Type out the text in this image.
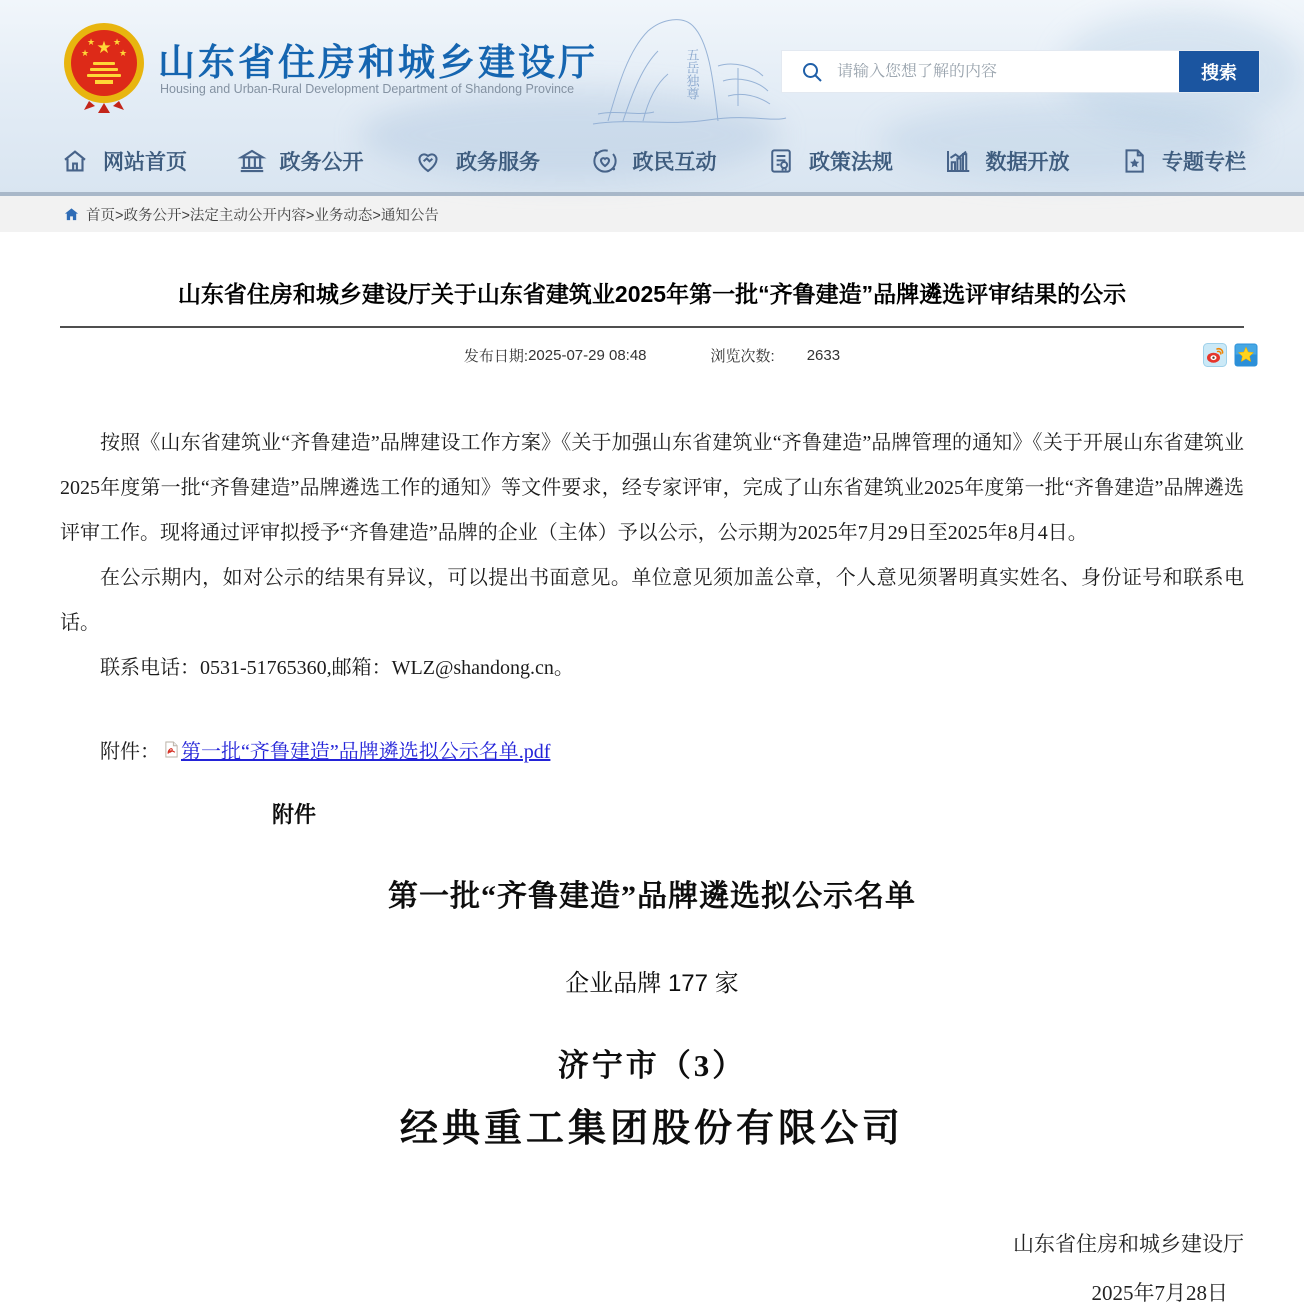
★
★ ★
★	★ 山东省住房和城乡建设厅
Housing and Urban-Rural Development Department of Shandong Province	五岳独尊
请输入您想了解的内容	搜索
网站首页	政务公开	政务服务	政民互动	政策法规	数据开放	专题专栏
首页>政务公开>法定主动公开内容>业务动态>通知公告
山东省住房和城乡建设厅关于山东省建筑业2025年第一批“齐鲁建造”品牌遴选评审结果的公示
发布日期: 2025-07-29 08:48	浏览次数: 2633

按照《山东省建筑业“齐鲁建造”品牌建设工作方案》《关于加强山东省建筑业“齐鲁建造”品牌管理的通知》《关于开展山东省建筑业2025年度第一批“齐鲁建造”品牌遴选工作的通知》等文件要求，经专家评审，完成了山东省建筑业2025年度第一批“齐鲁建造”品牌遴选评审工作。现将通过评审拟授予“齐鲁建造”品牌的企业（主体）予以公示，公示期为2025年7月29日至2025年8月4日。

在公示期内，如对公示的结果有异议，可以提出书面意见。单位意见须加盖公章，个人意见须署明真实姓名、身份证号和联系电话。

联系电话：0531-51765360,邮箱：WLZ@shandong.cn。

附件： 第一批“齐鲁建造”品牌遴选拟公示名单.pdf
附件
第一批“齐鲁建造”品牌遴选拟公示名单
企业品牌 177 家
济宁市（3）
经典重工集团股份有限公司
山东省住房和城乡建设厅
2025年7月28日
